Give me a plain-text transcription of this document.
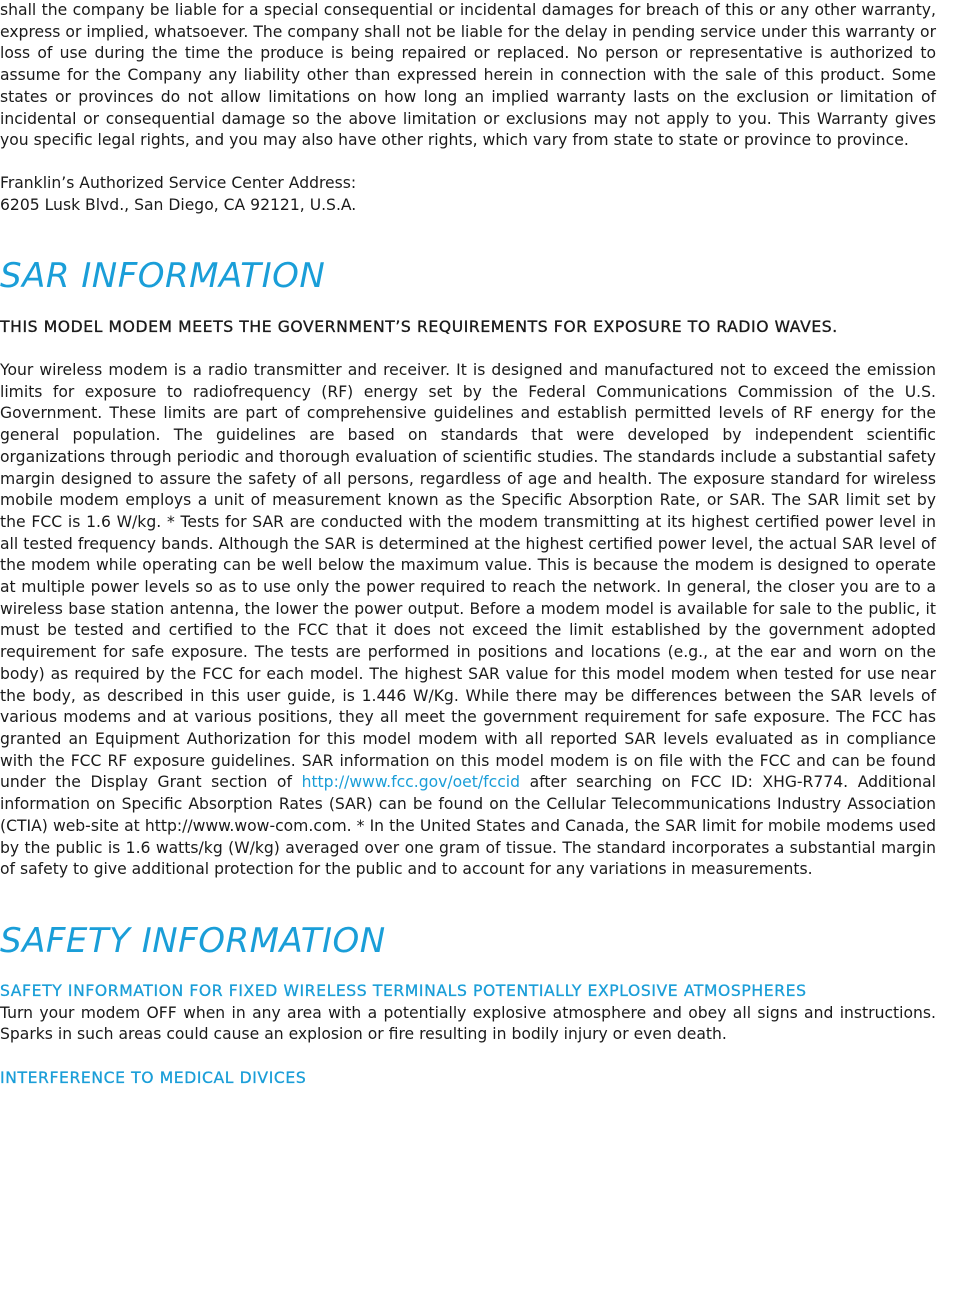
shall the company be liable for a special consequential or incidental damages for breach of this or any other warranty, express or implied, whatsoever. The company shall not be liable for the delay in pending service under this warranty or loss of use during the time the produce is being repaired or replaced. No person or representative is authorized to assume for the Company any liability other than expressed herein in connection with the sale of this product. Some states or provinces do not allow limitations on how long an implied warranty lasts on the exclusion or limitation of incidental or consequential damage so the above limitation or exclusions may not apply to you. This Warranty gives you specific legal rights, and you may also have other rights, which vary from state to state or province to province.

Franklin’s Authorized Service Center Address:
6205 Lusk Blvd., San Diego, CA 92121, U.S.A.
SAR INFORMATION

THIS MODEL MODEM MEETS THE GOVERNMENT’S REQUIREMENTS FOR EXPOSURE TO RADIO WAVES.

Your wireless modem is a radio transmitter and receiver. It is designed and manufactured not to exceed the emission limits for exposure to radiofrequency (RF) energy set by the Federal Communications Commission of the U.S. Government. These limits are part of comprehensive guidelines and establish permitted levels of RF energy for the general population. The guidelines are based on standards that were developed by independent scientific organizations through periodic and thorough evaluation of scientific studies. The standards include a substantial safety margin designed to assure the safety of all persons, regardless of age and health. The exposure standard for wireless mobile modem employs a unit of measurement known as the Specific Absorption Rate, or SAR. The SAR limit set by the FCC is 1.6 W/kg. * Tests for SAR are conducted with the modem transmitting at its highest certified power level in all tested frequency bands. Although the SAR is determined at the highest certified power level, the actual SAR level of the modem while operating can be well below the maximum value. This is because the modem is designed to operate at multiple power levels so as to use only the power required to reach the network. In general, the closer you are to a wireless base station antenna, the lower the power output. Before a modem model is available for sale to the public, it must be tested and certified to the FCC that it does not exceed the limit established by the government adopted requirement for safe exposure. The tests are performed in positions and locations (e.g., at the ear and worn on the body) as required by the FCC for each model. The highest SAR value for this model modem when tested for use near the body, as described in this user guide, is 1.446 W/Kg. While there may be differences between the SAR levels of various modems and at various positions, they all meet the government requirement for safe exposure. The FCC has granted an Equipment Authorization for this model modem with all reported SAR levels evaluated as in compliance with the FCC RF exposure guidelines. SAR information on this model modem is on file with the FCC and can be found under the Display Grant section of http://www.fcc.gov/oet/fccid after searching on FCC ID: XHG-R774. Additional information on Specific Absorption Rates (SAR) can be found on the Cellular Telecommunications Industry Association (CTIA) web-site at http://www.wow-com.com. * In the United States and Canada, the SAR limit for mobile modems used by the public is 1.6 watts/kg (W/kg) averaged over one gram of tissue. The standard incorporates a substantial margin of safety to give additional protection for the public and to account for any variations in measurements.

SAFETY INFORMATION

SAFETY INFORMATION FOR FIXED WIRELESS TERMINALS POTENTIALLY EXPLOSIVE ATMOSPHERES

Turn your modem OFF when in any area with a potentially explosive atmosphere and obey all signs and instructions. Sparks in such areas could cause an explosion or fire resulting in bodily injury or even death.

INTERFERENCE TO MEDICAL DIVICES
